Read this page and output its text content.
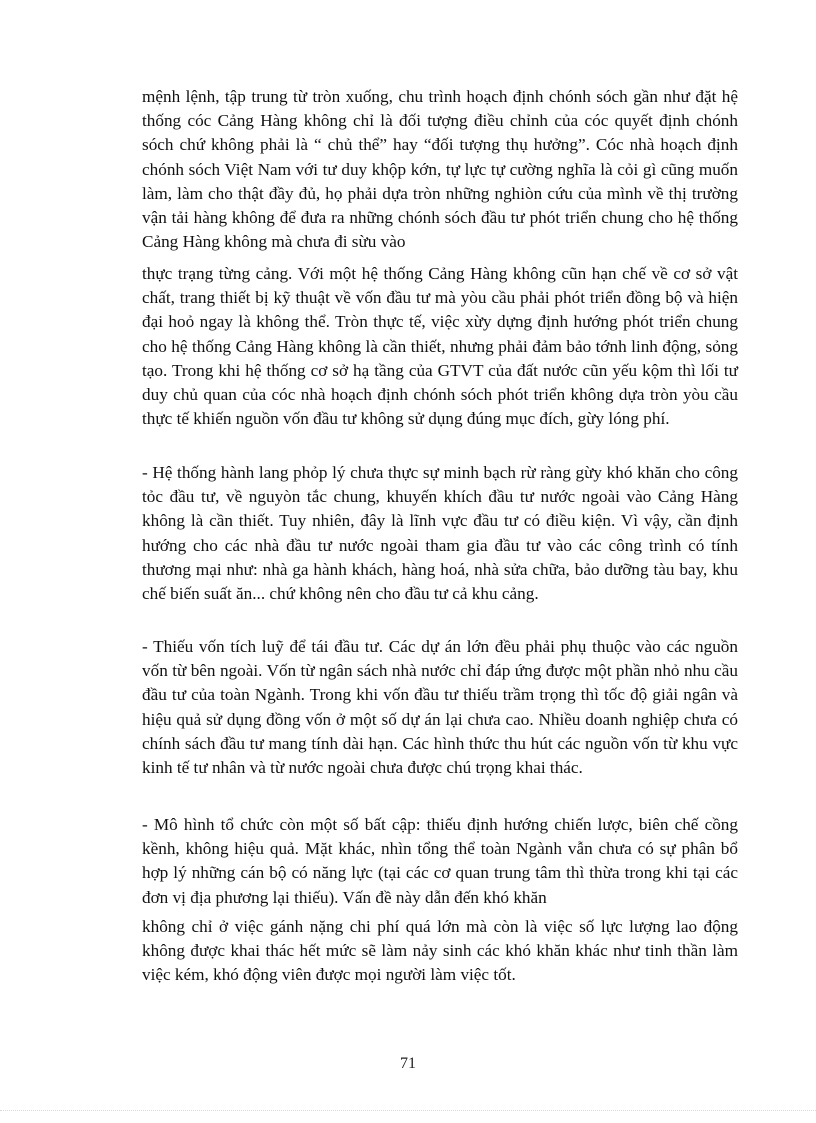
mệnh lệnh, tập trung từ tròn xuống, chu trình hoạch định chónh sóch gần như đặt hệ thống cóc Cảng Hàng không chỉ là đối tượng điều chỉnh của cóc quyết định chónh sóch chứ không phải là “ chủ thể” hay “đối tượng thụ hưởng”. Cóc nhà hoạch định chónh sóch Việt Nam với tư duy khộp kớn, tự lực tự cường nghĩa là cỏi gì cũng muốn làm, làm cho thật đầy đủ, họ phải dựa tròn những nghiòn cứu của mình về thị trường vận tải hàng không để đưa ra những chónh sóch đầu tư phót triển chung cho hệ thống Cảng Hàng không mà chưa đi sừu vào

thực trạng từng cảng. Với một hệ thống Cảng Hàng không cũn hạn chế về cơ sở vật chất, trang thiết bị kỹ thuật về vốn đầu tư mà yòu cầu phải phót triển đồng bộ và hiện đại hoỏ ngay là không thể. Tròn thực tế, việc xừy dựng định hướng phót triển chung cho hệ thống Cảng Hàng không là cần thiết, nhưng phải đảm bảo tớnh linh động, sỏng tạo. Trong khi hệ thống cơ sở hạ tầng của GTVT của đất nước cũn yếu kộm thì lối tư duy chủ quan của cóc nhà hoạch định chónh sóch phót triển không dựa tròn yòu cầu thực tế khiến nguồn vốn đầu tư không sử dụng đúng mục đích, gừy lóng phí.

- Hệ thống hành lang phỏp lý chưa thực sự minh bạch rừ ràng gừy khó khăn cho công tỏc đầu tư, về nguyòn tắc chung, khuyến khích đầu tư nước ngoài vào Cảng Hàng không là cần thiết. Tuy nhiên, đây là lĩnh vực đầu tư có điều kiện. Vì vậy, cần định hướng cho các nhà đầu tư nước ngoài tham gia đầu tư vào các công trình có tính thương mại như: nhà ga hành khách, hàng hoá, nhà sửa chữa, bảo dưỡng tàu bay, khu chế biến suất ăn... chứ không nên cho đầu tư cả khu cảng.

- Thiếu vốn tích luỹ để tái đầu tư. Các dự án lớn đều phải phụ thuộc vào các nguồn vốn từ bên ngoài. Vốn từ ngân sách nhà nước chỉ đáp ứng được một phần nhỏ nhu cầu đầu tư của toàn Ngành. Trong khi vốn đầu tư thiếu trầm trọng thì tốc độ giải ngân và hiệu quả sử dụng đồng vốn ở một số dự án lại chưa cao. Nhiều doanh nghiệp chưa có chính sách đầu tư mang tính dài hạn. Các hình thức thu hút các nguồn vốn từ khu vực kinh tế tư nhân và từ nước ngoài chưa được chú trọng khai thác.

- Mô hình tổ chức còn một số bất cập: thiếu định hướng chiến lược, biên chế cồng kềnh, không hiệu quả. Mặt khác, nhìn tổng thể toàn Ngành vẫn chưa có sự phân bổ hợp lý những cán bộ có năng lực (tại các cơ quan trung tâm thì thừa trong khi tại các đơn vị địa phương lại thiếu). Vấn đề này dẫn đến khó khăn

không chỉ ở việc gánh nặng chi phí quá lớn mà còn là việc số lực lượng lao động không được khai thác hết mức sẽ làm nảy sinh các khó khăn khác như tinh thần làm việc kém, khó động viên được mọi người làm việc tốt.

71
